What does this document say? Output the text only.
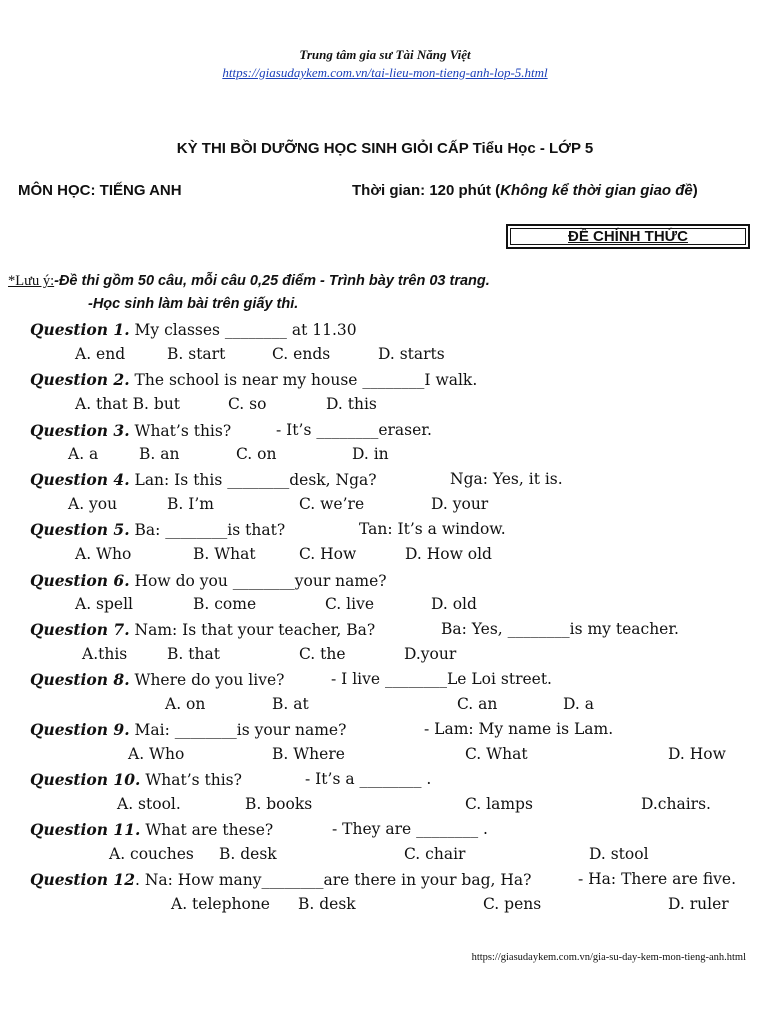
Trung tâm gia sư Tài Năng Việt
https://giasudaykem.com.vn/tai-lieu-mon-tieng-anh-lop-5.html
KỲ THI BỒI DƯỠNG HỌC SINH GIỎI CẤP Tiểu Học - LỚP 5
MÔN HỌC: TIẾNG ANH	Thời gian: 120 phút (Không kể thời gian giao đề)
ĐỀ CHÍNH THỨC
*Lưu ý:-Đề thi gồm 50 câu, mỗi câu 0,25 điểm - Trình bày trên 03 trang.
-Học sinh làm bài trên giấy thi.
Question 1. My classes ________ at 11.30
A. end	B. start	C. ends	D. starts
Question 2. The school is near my house ________I walk.
A. that B. but	C. so	D. this
Question 3. What’s this?	- It’s ________eraser.
A. a	B. an	C. on	D. in
Question 4. Lan: Is this ________desk, Nga?	Nga: Yes, it is.
A. you	B. I’m	C. we’re	D. your
Question 5. Ba: ________is that?	Tan: It’s a window.
A. Who	B. What	C. How	D. How old
Question 6. How do you ________your name?
A. spell	B. come	C. live	D. old
Question 7. Nam: Is that your teacher, Ba?	Ba: Yes, ________is my teacher.
A.this	B. that	C. the	D.your
Question 8. Where do you live?	- I live ________Le Loi street.
A. on	B. at	C. an	D. a
Question 9. Mai: ________is your name?	- Lam: My name is Lam.
A. Who	B. Where	C. What	D. How
Question 10. What’s this?	- It’s a ________ .
A. stool.	B. books	C. lamps	D.chairs.
Question 11. What are these?	- They are ________ .
A. couches B. desk	C. chair	D. stool
Question 12. Na: How many________are there in your bag, Ha?	- Ha: There are five.
A. telephone B. desk	C. pens	D. ruler
https://giasudaykem.com.vn/gia-su-day-kem-mon-tieng-anh.html
